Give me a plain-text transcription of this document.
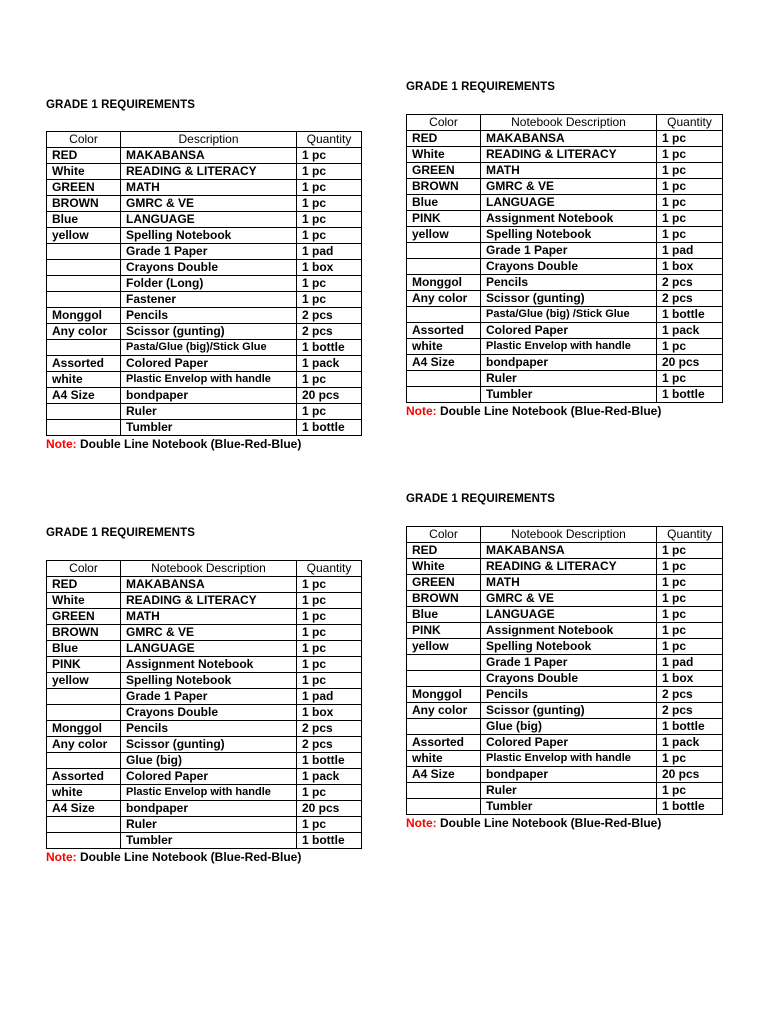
GRADE 1 REQUIREMENTS
Color	Description	Quantity
RED	MAKABANSA	1 pc
White	READING & LITERACY	1 pc
GREEN	MATH	1 pc
BROWN	GMRC & VE	1 pc
Blue	LANGUAGE	1 pc
yellow	Spelling Notebook	1 pc
	Grade 1 Paper	1 pad
	Crayons Double	1 box
	Folder (Long)	1 pc
	Fastener	1 pc
Monggol	Pencils	2 pcs
Any color	Scissor (gunting)	2 pcs
	Pasta/Glue (big)/Stick Glue	1 bottle
Assorted	Colored Paper	1 pack
white	Plastic Envelop with handle	1 pc
A4 Size	bondpaper	20 pcs
	Ruler	1 pc
	Tumbler	1 bottle
Note: Double Line Notebook (Blue-Red-Blue)
GRADE 1 REQUIREMENTS
Color	Notebook Description	Quantity
RED	MAKABANSA	1 pc
White	READING & LITERACY	1 pc
GREEN	MATH	1 pc
BROWN	GMRC & VE	1 pc
Blue	LANGUAGE	1 pc
PINK	Assignment Notebook	1 pc
yellow	Spelling Notebook	1 pc
	Grade 1 Paper	1 pad
	Crayons Double	1 box
Monggol	Pencils	2 pcs
Any color	Scissor (gunting)	2 pcs
	Pasta/Glue (big) /Stick Glue	1 bottle
Assorted	Colored Paper	1 pack
white	Plastic Envelop with handle	1 pc
A4 Size	bondpaper	20 pcs
	Ruler	1 pc
	Tumbler	1 bottle
Note: Double Line Notebook (Blue-Red-Blue)
GRADE 1 REQUIREMENTS
Color	Notebook Description	Quantity
RED	MAKABANSA	1 pc
White	READING & LITERACY	1 pc
GREEN	MATH	1 pc
BROWN	GMRC & VE	1 pc
Blue	LANGUAGE	1 pc
PINK	Assignment Notebook	1 pc
yellow	Spelling Notebook	1 pc
	Grade 1 Paper	1 pad
	Crayons Double	1 box
Monggol	Pencils	2 pcs
Any color	Scissor (gunting)	2 pcs
	Glue (big)	1 bottle
Assorted	Colored Paper	1 pack
white	Plastic Envelop with handle	1 pc
A4 Size	bondpaper	20 pcs
	Ruler	1 pc
	Tumbler	1 bottle
Note: Double Line Notebook (Blue-Red-Blue)
GRADE 1 REQUIREMENTS
Color	Notebook Description	Quantity
RED	MAKABANSA	1 pc
White	READING & LITERACY	1 pc
GREEN	MATH	1 pc
BROWN	GMRC & VE	1 pc
Blue	LANGUAGE	1 pc
PINK	Assignment Notebook	1 pc
yellow	Spelling Notebook	1 pc
	Grade 1 Paper	1 pad
	Crayons Double	1 box
Monggol	Pencils	2 pcs
Any color	Scissor (gunting)	2 pcs
	Glue (big)	1 bottle
Assorted	Colored Paper	1 pack
white	Plastic Envelop with handle	1 pc
A4 Size	bondpaper	20 pcs
	Ruler	1 pc
	Tumbler	1 bottle
Note: Double Line Notebook (Blue-Red-Blue)
